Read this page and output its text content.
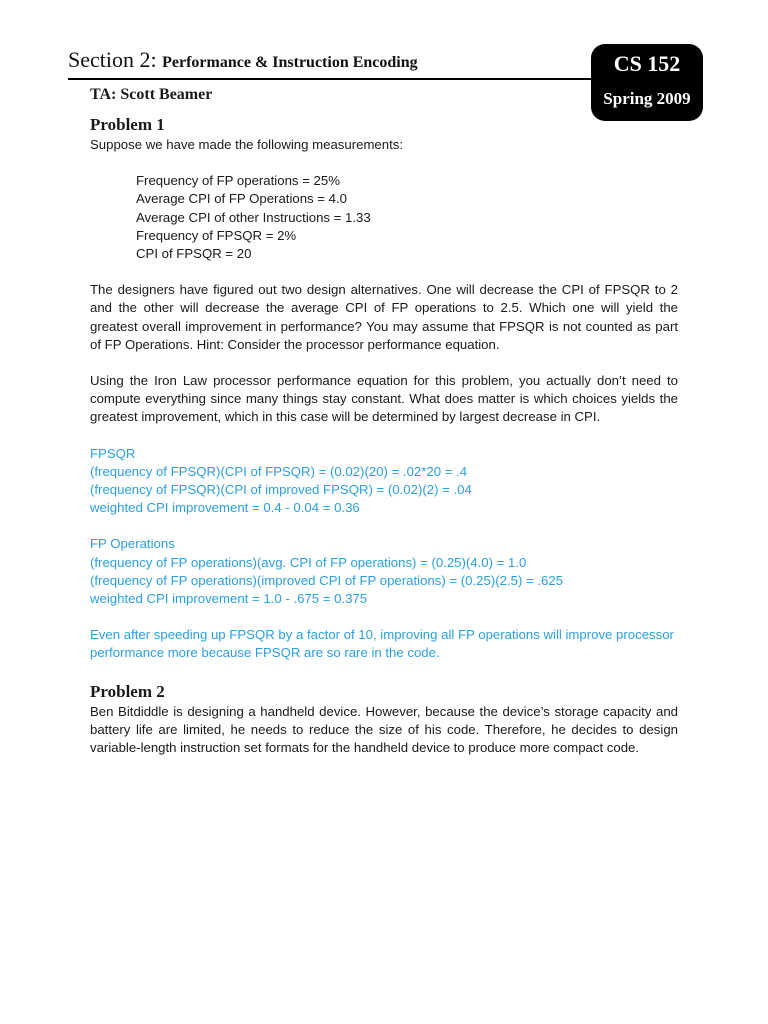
Section 2: Performance & Instruction Encoding	CS 152
Spring 2009
TA: Scott Beamer
Problem 1

Suppose we have made the following measurements:

Frequency of FP operations = 25%

Average CPI of FP Operations = 4.0

Average CPI of other Instructions = 1.33

Frequency of FPSQR = 2%

CPI of FPSQR = 20

The designers have figured out two design alternatives. One will decrease the CPI of FPSQR to 2 and the other will decrease the average CPI of FP operations to 2.5. Which one will yield the greatest overall improvement in performance? You may assume that FPSQR is not counted as part of FP Operations. Hint: Consider the processor performance equation.

Using the Iron Law processor performance equation for this problem, you actually don’t need to compute everything since many things stay constant. What does matter is which choices yields the greatest improvement, which in this case will be determined by largest decrease in CPI.

FPSQR

(frequency of FPSQR)(CPI of FPSQR) = (0.02)(20) = .02*20 = .4

(frequency of FPSQR)(CPI of improved FPSQR) = (0.02)(2) = .04

weighted CPI improvement = 0.4 - 0.04 = 0.36

FP Operations

(frequency of FP operations)(avg. CPI of FP operations) = (0.25)(4.0) = 1.0

(frequency of FP operations)(improved CPI of FP operations) = (0.25)(2.5) = .625

weighted CPI improvement = 1.0 - .675 = 0.375

Even after speeding up FPSQR by a factor of 10, improving all FP operations will improve processor performance more because FPSQR are so rare in the code.

Problem 2

Ben Bitdiddle is designing a handheld device. However, because the device’s storage capacity and battery life are limited, he needs to reduce the size of his code. Therefore, he decides to design variable-length instruction set formats for the handheld device to produce more compact code.
